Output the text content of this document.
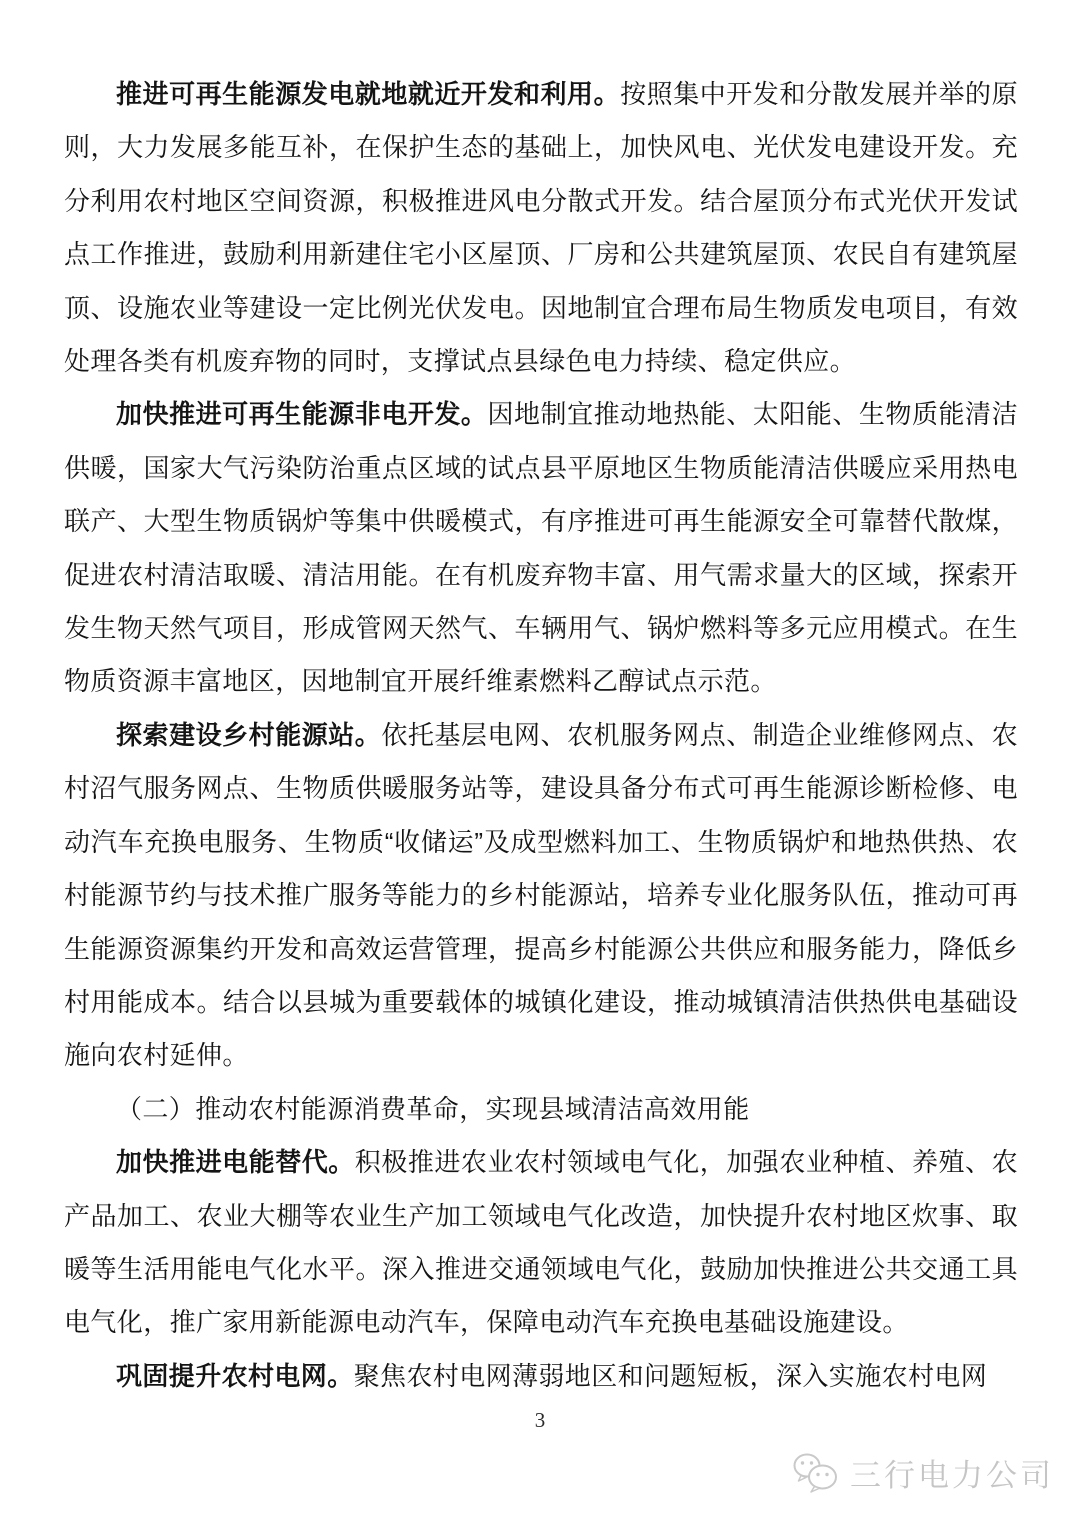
推进可再生能源发电就地就近开发和利用。按照集中开发和分散发展并举的原则，大力发展多能互补，在保护生态的基础上，加快风电、光伏发电建设开发。充分利用农村地区空间资源，积极推进风电分散式开发。结合屋顶分布式光伏开发试点工作推进，鼓励利用新建住宅小区屋顶、厂房和公共建筑屋顶、农民自有建筑屋顶、设施农业等建设一定比例光伏发电。因地制宜合理布局生物质发电项目，有效处理各类有机废弃物的同时，支撑试点县绿色电力持续、稳定供应。

加快推进可再生能源非电开发。因地制宜推动地热能、太阳能、生物质能清洁供暖，国家大气污染防治重点区域的试点县平原地区生物质能清洁供暖应采用热电联产、大型生物质锅炉等集中供暖模式，有序推进可再生能源安全可靠替代散煤，促进农村清洁取暖、清洁用能。在有机废弃物丰富、用气需求量大的区域，探索开发生物天然气项目，形成管网天然气、车辆用气、锅炉燃料等多元应用模式。在生物质资源丰富地区，因地制宜开展纤维素燃料乙醇试点示范。

探索建设乡村能源站。依托基层电网、农机服务网点、制造企业维修网点、农村沼气服务网点、生物质供暖服务站等，建设具备分布式可再生能源诊断检修、电动汽车充换电服务、生物质“收储运”及成型燃料加工、生物质锅炉和地热供热、农村能源节约与技术推广服务等能力的乡村能源站，培养专业化服务队伍，推动可再生能源资源集约开发和高效运营管理，提高乡村能源公共供应和服务能力，降低乡村用能成本。结合以县城为重要载体的城镇化建设，推动城镇清洁供热供电基础设施向农村延伸。

（二）推动农村能源消费革命，实现县域清洁高效用能

加快推进电能替代。积极推进农业农村领域电气化，加强农业种植、养殖、农产品加工、农业大棚等农业生产加工领域电气化改造，加快提升农村地区炊事、取暖等生活用能电气化水平。深入推进交通领域电气化，鼓励加快推进公共交通工具电气化，推广家用新能源电动汽车，保障电动汽车充换电基础设施建设。

巩固提升农村电网。聚焦农村电网薄弱地区和问题短板，深入实施农村电网

3
三行电力公司
